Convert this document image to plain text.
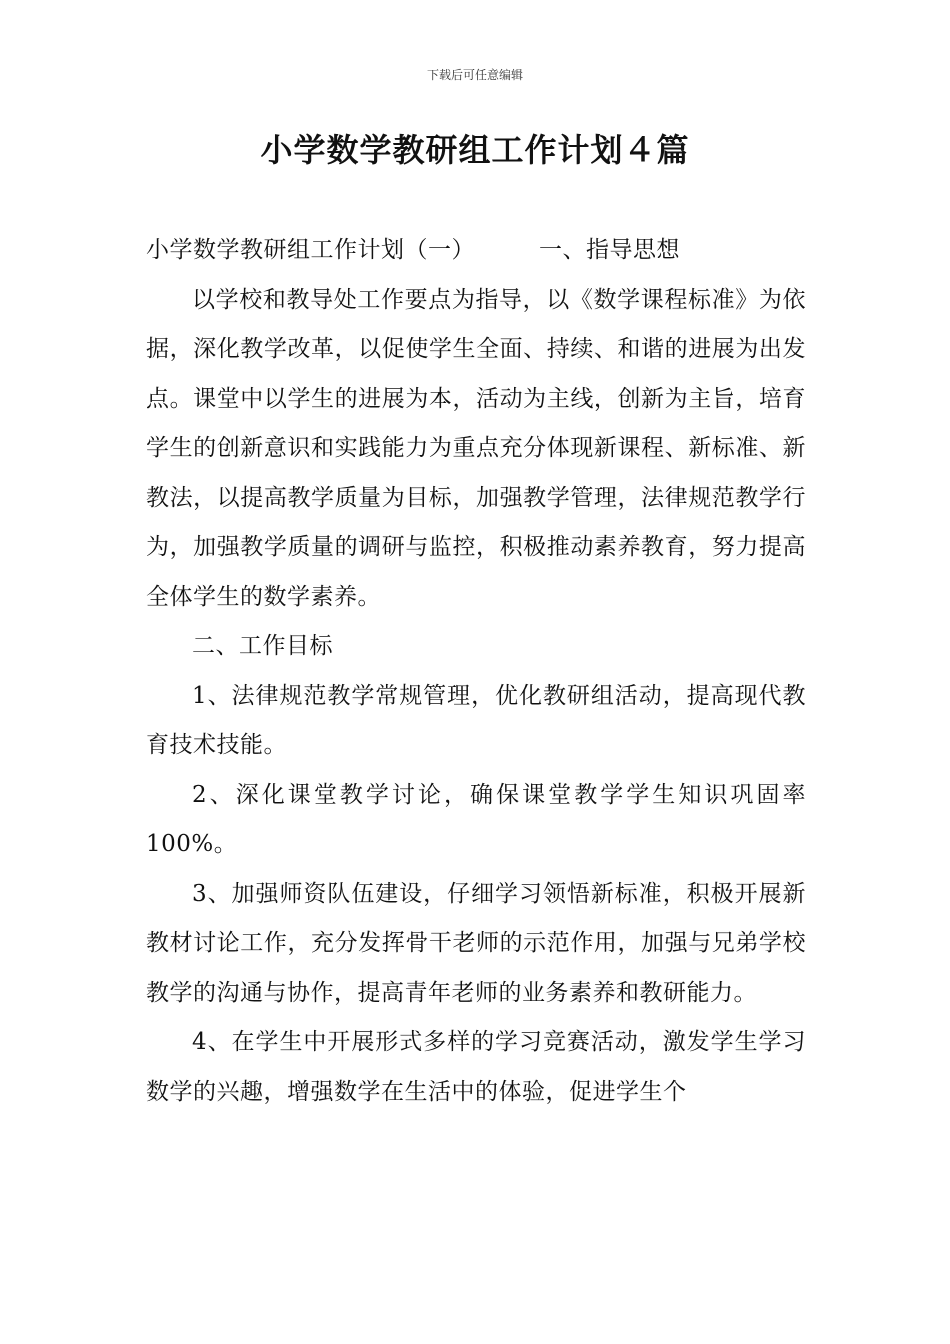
下载后可任意编辑
小学数学教研组工作计划４篇

小学数学教研组工作计划（一）	一、指导思想

以学校和教导处工作要点为指导，以《数学课程标准》为依据，深化教学改革，以促使学生全面、持续、和谐的进展为出发点。课堂中以学生的进展为本，活动为主线，创新为主旨，培育学生的创新意识和实践能力为重点充分体现新课程、新标准、新教法，以提高教学质量为目标，加强教学管理，法律规范教学行为，加强教学质量的调研与监控，积极推动素养教育，努力提高全体学生的数学素养。

二、工作目标

1、法律规范教学常规管理，优化教研组活动，提高现代教育技术技能。

2、深化课堂教学讨论，确保课堂教学学生知识巩固率100%。

3、加强师资队伍建设，仔细学习领悟新标准，积极开展新教材讨论工作，充分发挥骨干老师的示范作用，加强与兄弟学校教学的沟通与协作，提高青年老师的业务素养和教研能力。

4、在学生中开展形式多样的学习竞赛活动，激发学生学习数学的兴趣，增强数学在生活中的体验，促进学生个
